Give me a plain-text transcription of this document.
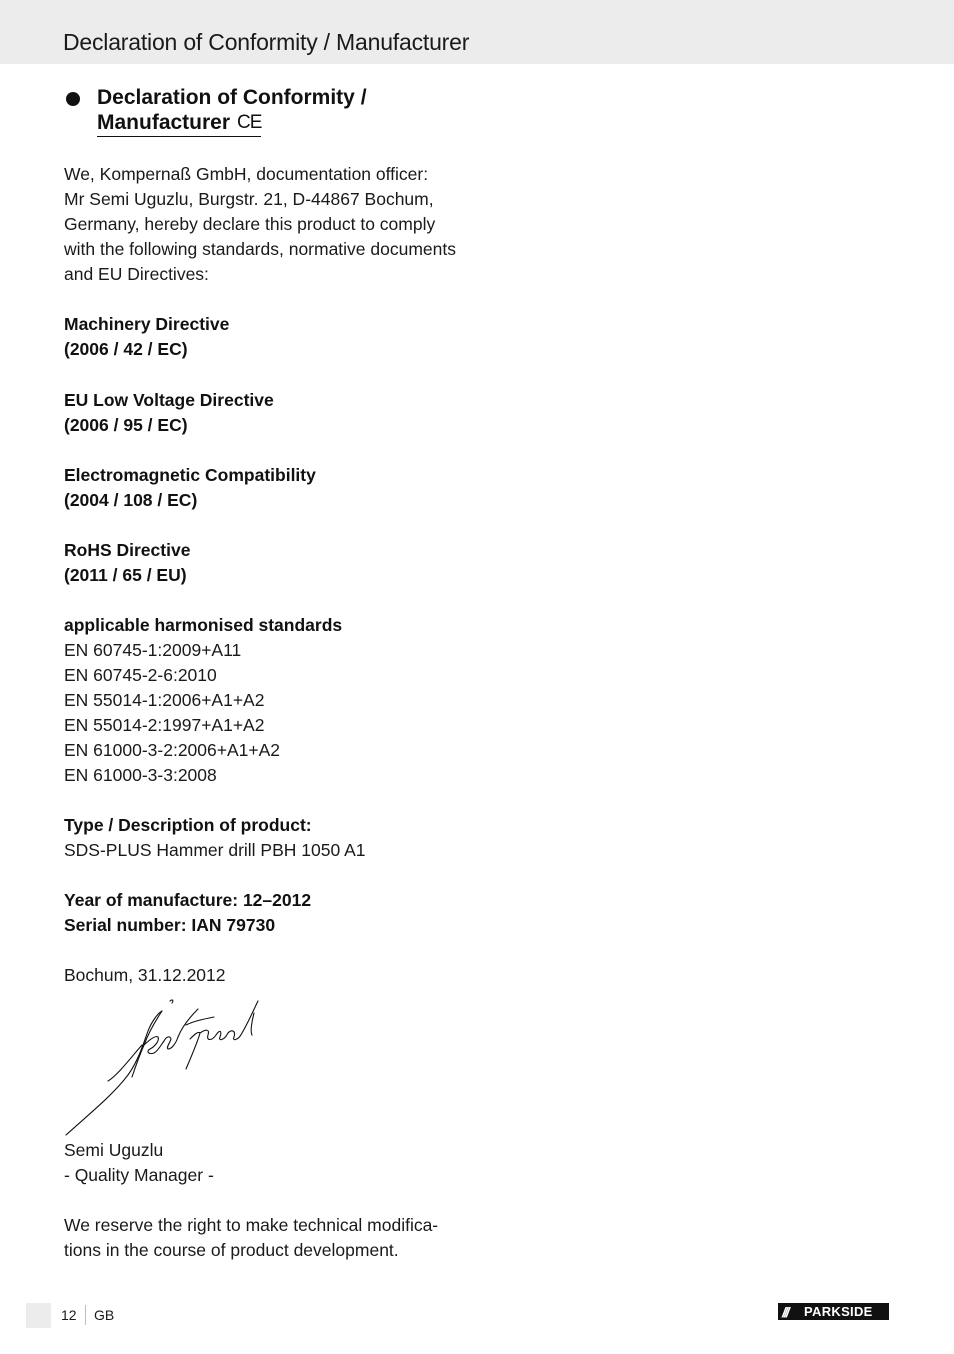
Declaration of Conformity / Manufacturer
Declaration of Conformity /
Manufacturer CE

We, Kompernaß GmbH, documentation officer:

Mr Semi Uguzlu, Burgstr. 21, D-44867 Bochum,

Germany, hereby declare this product to comply

with the following standards, normative documents

and EU Directives:

Machinery Directive

(2006 / 42 / EC)

EU Low Voltage Directive

(2006 / 95 / EC)

Electromagnetic Compatibility

(2004 / 108 / EC)

RoHS Directive

(2011 / 65 / EU)

applicable harmonised standards

EN 60745-1:2009+A11

EN 60745-2-6:2010

EN 55014-1:2006+A1+A2

EN 55014-2:1997+A1+A2

EN 61000-3-2:2006+A1+A2

EN 61000-3-3:2008

Type / Description of product:

SDS-PLUS Hammer drill PBH 1050 A1

Year of manufacture: 12–2012

Serial number: IAN 79730

Bochum, 31.12.2012

Semi Uguzlu

- Quality Manager -

We reserve the right to make technical modifica-

tions in the course of product development.

12 GB	///	PARKSIDE
